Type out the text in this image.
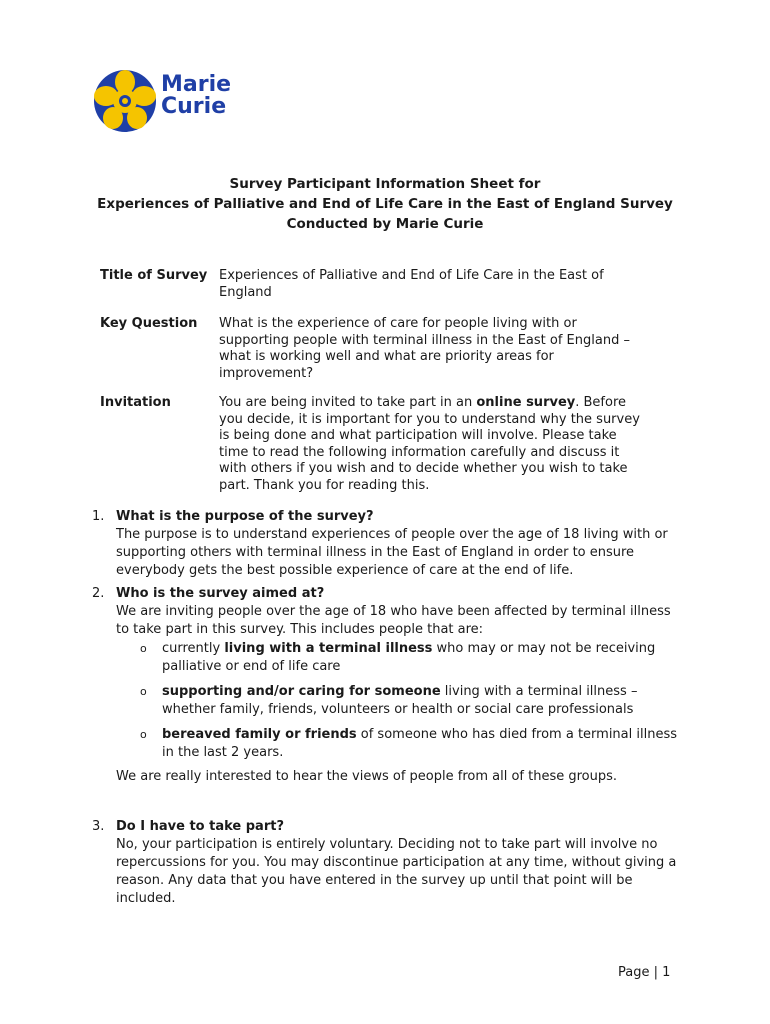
Marie
Curie
Survey Participant Information Sheet for
Experiences of Palliative and End of Life Care in the East of England Survey
Conducted by Marie Curie
Title of Survey Experiences of Palliative and End of Life Care in the East of England
Key Question What is the experience of care for people living with or supporting people with terminal illness in the East of England – what is working well and what are priority areas for improvement?
Invitation	You are being invited to take part in an online survey. Before you decide, it is important for you to understand why the survey is being done and what participation will involve. Please take time to read the following information carefully and discuss it with others if you wish and to decide whether you wish to take part. Thank you for reading this.
1. What is the purpose of the survey?
The purpose is to understand experiences of people over the age of 18 living with or supporting others with terminal illness in the East of England in order to ensure everybody gets the best possible experience of care at the end of life.
2. Who is the survey aimed at?
We are inviting people over the age of 18 who have been affected by terminal illness to take part in this survey. This includes people that are:
o currently living with a terminal illness who may or may not be receiving palliative or end of life care
o supporting and/or caring for someone living with a terminal illness – whether family, friends, volunteers or health or social care professionals
o bereaved family or friends of someone who has died from a terminal illness in the last 2 years.
We are really interested to hear the views of people from all of these groups.
3. Do I have to take part?
No, your participation is entirely voluntary. Deciding not to take part will involve no repercussions for you. You may discontinue participation at any time, without giving a reason. Any data that you have entered in the survey up until that point will be included.
Page | 1
